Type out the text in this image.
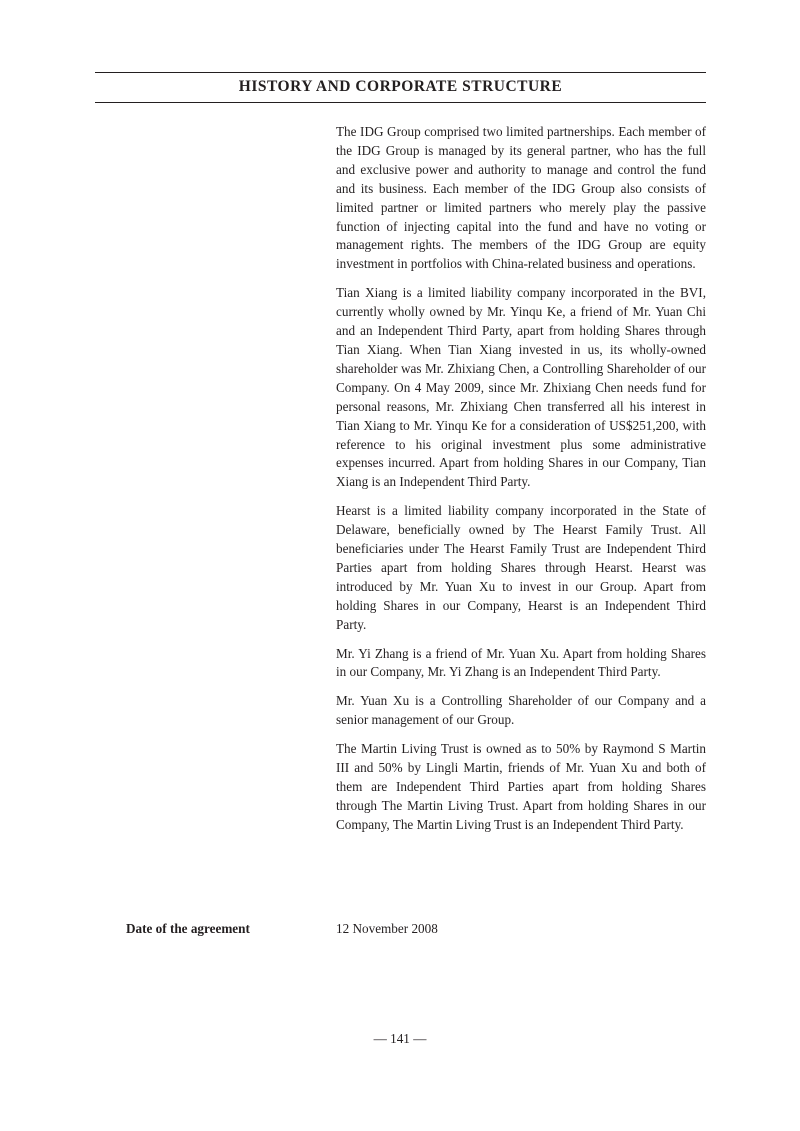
HISTORY AND CORPORATE STRUCTURE

The IDG Group comprised two limited partnerships. Each member of the IDG Group is managed by its general partner, who has the full and exclusive power and authority to manage and control the fund and its business. Each member of the IDG Group also consists of limited partner or limited partners who merely play the passive function of injecting capital into the fund and have no voting or management rights. The members of the IDG Group are equity investment in portfolios with China-related business and operations.

Tian Xiang is a limited liability company incorporated in the BVI, currently wholly owned by Mr. Yinqu Ke, a friend of Mr. Yuan Chi and an Independent Third Party, apart from holding Shares through Tian Xiang. When Tian Xiang invested in us, its wholly-owned shareholder was Mr. Zhixiang Chen, a Controlling Shareholder of our Company. On 4 May 2009, since Mr. Zhixiang Chen needs fund for personal reasons, Mr. Zhixiang Chen transferred all his interest in Tian Xiang to Mr. Yinqu Ke for a consideration of US$251,200, with reference to his original investment plus some administrative expenses incurred. Apart from holding Shares in our Company, Tian Xiang is an Independent Third Party.

Hearst is a limited liability company incorporated in the State of Delaware, beneficially owned by The Hearst Family Trust. All beneficiaries under The Hearst Family Trust are Independent Third Parties apart from holding Shares through Hearst. Hearst was introduced by Mr. Yuan Xu to invest in our Group. Apart from holding Shares in our Company, Hearst is an Independent Third Party.

Mr. Yi Zhang is a friend of Mr. Yuan Xu. Apart from holding Shares in our Company, Mr. Yi Zhang is an Independent Third Party.

Mr. Yuan Xu is a Controlling Shareholder of our Company and a senior management of our Group.

The Martin Living Trust is owned as to 50% by Raymond S Martin III and 50% by Lingli Martin, friends of Mr. Yuan Xu and both of them are Independent Third Parties apart from holding Shares through The Martin Living Trust. Apart from holding Shares in our Company, The Martin Living Trust is an Independent Third Party.

Date of the agreement	12 November 2008
— 141 —
